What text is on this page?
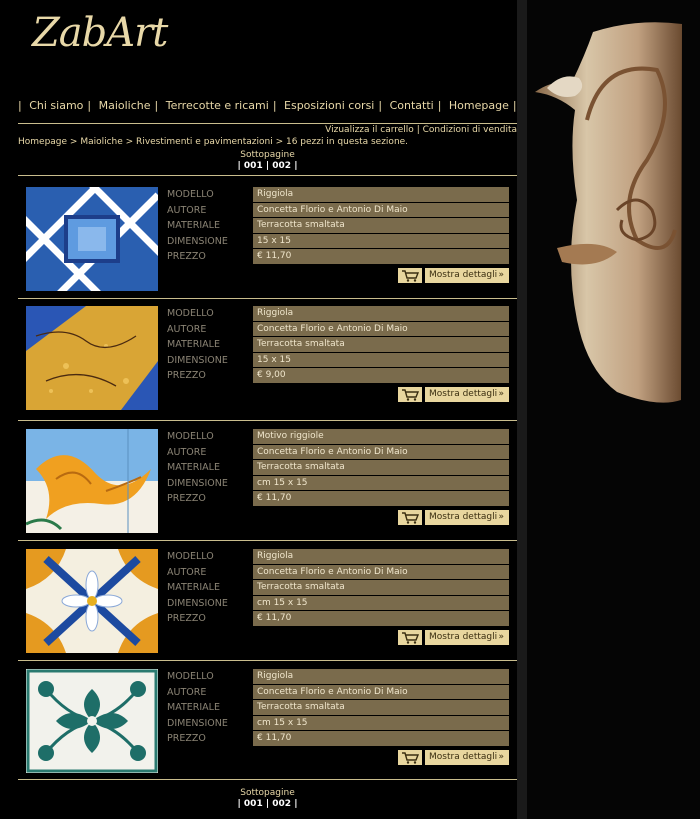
ZabArt
| Chi siamo | Maioliche | Terrecotte e ricami | Esposizioni corsi | Contatti | Homepage |
Vizualizza il carrello | Condizioni di vendita
Homepage > Maioliche > Rivestimenti e pavimentazioni > 16 pezzi in questa sezione.
Sottopagine
| 001 | 002 |
MODELLO
AUTORE
MATERIALE
DIMENSIONE
PREZZO
Riggiola
Concetta Florio e Antonio Di Maio
Terracotta smaltata
15 x 15
€ 11,70
Mostra dettagli »
MODELLO
AUTORE
MATERIALE
DIMENSIONE
PREZZO
Riggiola
Concetta Florio e Antonio Di Maio
Terracotta smaltata
15 x 15
€ 9,00
Mostra dettagli »
MODELLO
AUTORE
MATERIALE
DIMENSIONE
PREZZO
Motivo riggiole
Concetta Florio e Antonio Di Maio
Terracotta smaltata
cm 15 x 15
€ 11,70
Mostra dettagli »
MODELLO
AUTORE
MATERIALE
DIMENSIONE
PREZZO
Riggiola
Concetta Florio e Antonio Di Maio
Terracotta smaltata
cm 15 x 15
€ 11,70
Mostra dettagli »
MODELLO
AUTORE
MATERIALE
DIMENSIONE
PREZZO
Riggiola
Concetta Florio e Antonio Di Maio
Terracotta smaltata
cm 15 x 15
€ 11,70
Mostra dettagli »
Sottopagine
| 001 | 002 |
